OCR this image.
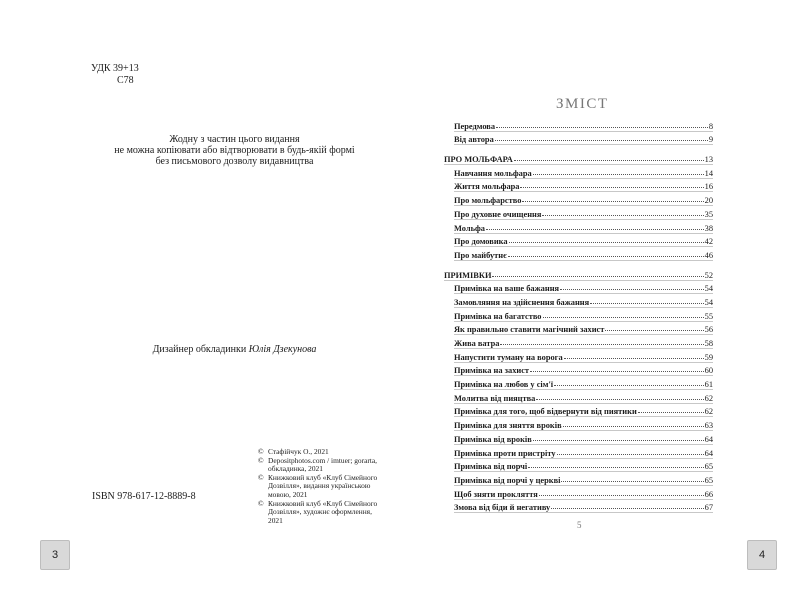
УДК 39+13
С78
Жодну з частин цього видання
не можна копіювати або відтворювати в будь-якій формі
без письмового дозволу видавництва
Дизайнер обкладинки Юлія Дзекунова
© Стафійчук О., 2021
© Depositphotos.com / imtuer; gorarta, обкладинка, 2021
© Книжковий клуб «Клуб Сімейного Дозвілля», видання українською мовою, 2021
© Книжковий клуб «Клуб Сімейного Дозвілля», художнє оформлення, 2021
ISBN 978-617-12-8889-8
3	4
ЗМІСТ
Передмова	8
Від автора	9
ПРО МОЛЬФАРА	13
Навчання мольфара	14
Життя мольфара	16
Про мольфарство	20
Про духовне очищення	35
Мольфа	38
Про домовика	42
Про майбутнє	46
ПРИМІВКИ	52
Примівка на ваше бажання	54
Замовляння на здійснення бажання	54
Примівка на багатство	55
Як правильно ставити магічний захист	56
Жива ватра	58
Напустити туману на ворога	59
Примівка на захист	60
Примівка на любов у сім'ї	61
Молитва від пияцтва	62
Примівка для того, щоб відвернути від пиятики	62
Примівка для зняття вроків	63
Примівка від вроків	64
Примівка проти пристріту	64
Примівка від порчі	65
Примівка від порчі у церкві	65
Щоб зняти прокляття	66
Змова від біди й негативу	67
5
